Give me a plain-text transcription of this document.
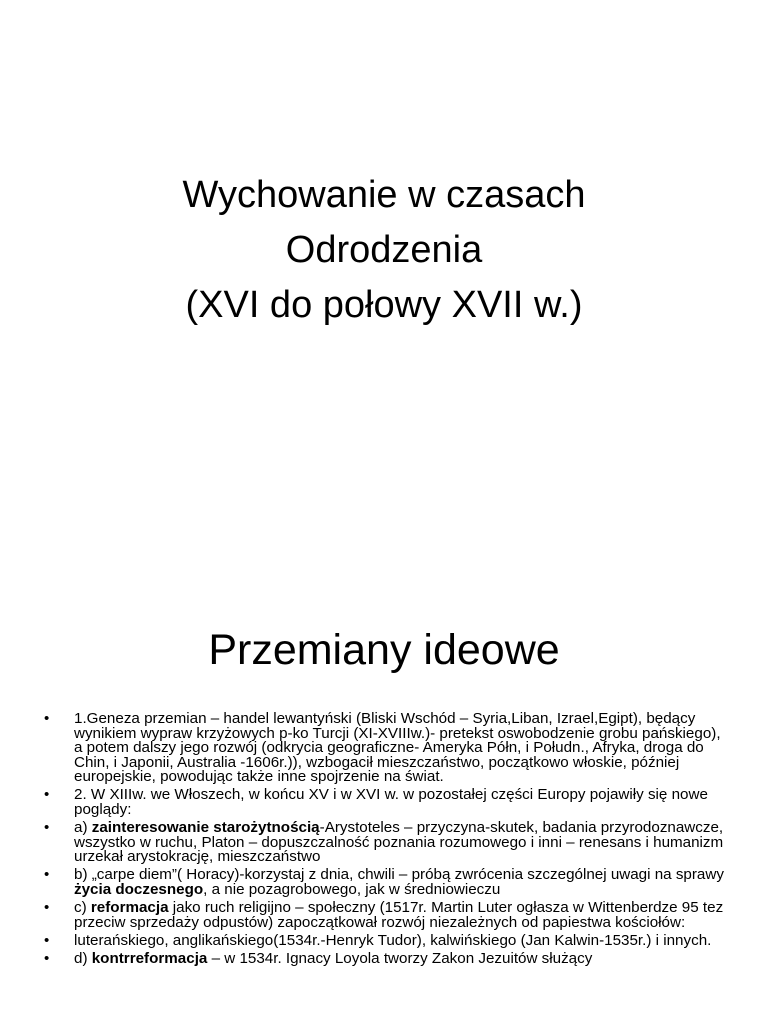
Wychowanie w czasach
Odrodzenia
(XVI do połowy XVII w.)
Przemiany ideowe
• 1.Geneza przemian – handel lewantyński (Bliski Wschód – Syria,Liban, Izrael,Egipt), będący wynikiem wypraw krzyżowych p-ko Turcji (XI-XVIIIw.)- pretekst oswobodzenie grobu pańskiego), a potem dalszy jego rozwój (odkrycia geograficzne- Ameryka Półn, i Połudn., Afryka, droga do Chin, i Japonii, Australia -1606r.)), wzbogacił mieszczaństwo, początkowo włoskie, później europejskie, powodując także inne spojrzenie na świat.
• 2. W XIIIw. we Włoszech, w końcu XV i w XVI w. w pozostałej części Europy pojawiły się nowe poglądy:
• a) zainteresowanie starożytnością-Arystoteles – przyczyna-skutek, badania przyrodoznawcze, wszystko w ruchu, Platon – dopuszczalność poznania rozumowego i inni – renesans i humanizm urzekał arystokrację, mieszczaństwo
• b) „carpe diem”( Horacy)-korzystaj z dnia, chwili – próbą zwrócenia szczególnej uwagi na sprawy życia doczesnego, a nie pozagrobowego, jak w średniowieczu
• c) reformacja jako ruch religijno – społeczny (1517r. Martin Luter ogłasza w Wittenberdze 95 tez przeciw sprzedaży odpustów) zapoczątkował rozwój niezależnych od papiestwa kościołów:
• luterańskiego, anglikańskiego(1534r.-Henryk Tudor), kalwińskiego (Jan Kalwin-1535r.) i innych.
• d) kontrreformacja – w 1534r. Ignacy Loyola tworzy Zakon Jezuitów służący
